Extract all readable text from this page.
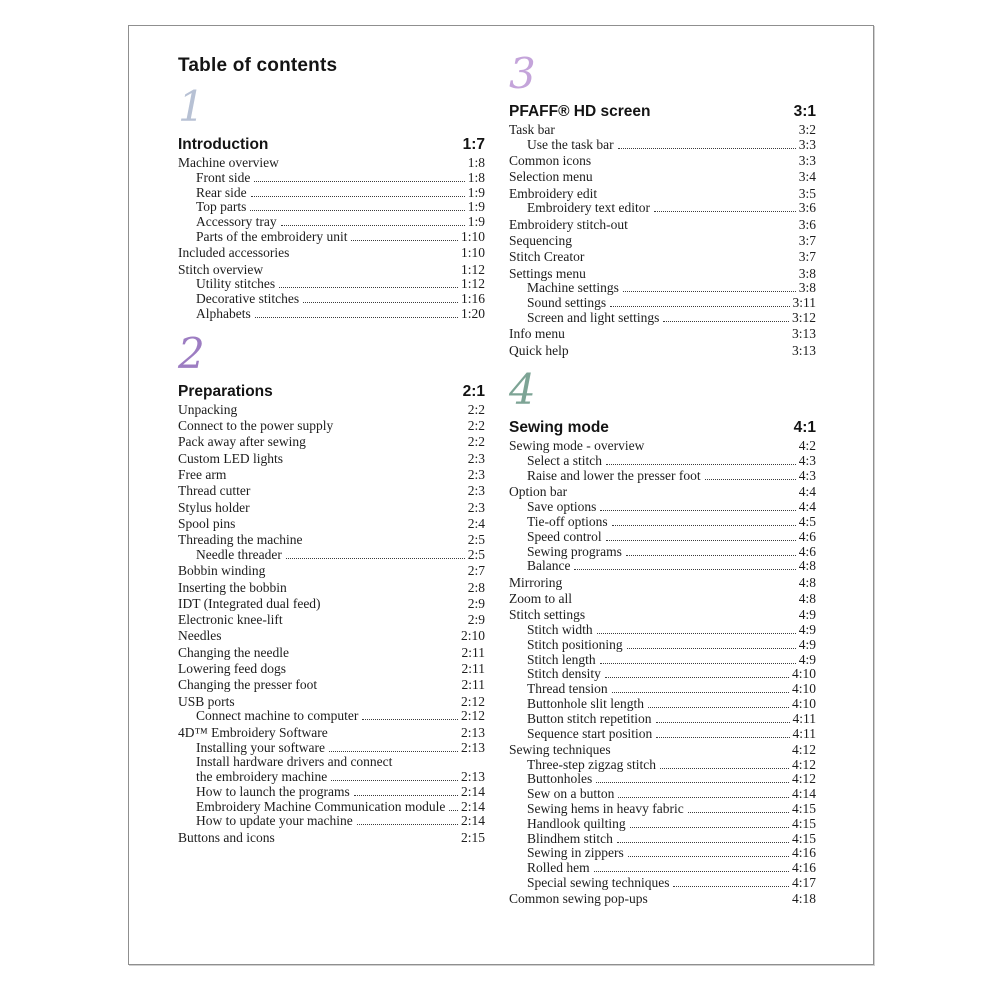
Table of contents
1
Introduction	1:7
Machine overview	1:8
Front side	1:8
Rear side	1:9
Top parts	1:9
Accessory tray	1:9
Parts of the embroidery unit	1:10
Included accessories	1:10
Stitch overview	1:12
Utility stitches	1:12
Decorative stitches	1:16
Alphabets	1:20
2
Preparations	2:1
Unpacking	2:2
Connect to the power supply	2:2
Pack away after sewing	2:2
Custom LED lights	2:3
Free arm	2:3
Thread cutter	2:3
Stylus holder	2:3
Spool pins	2:4
Threading the machine	2:5
Needle threader	2:5
Bobbin winding	2:7
Inserting the bobbin	2:8
IDT (Integrated dual feed)	2:9
Electronic knee-lift	2:9
Needles	2:10
Changing the needle	2:11
Lowering feed dogs	2:11
Changing the presser foot	2:11
USB ports	2:12
Connect machine to computer	2:12
4D™ Embroidery Software	2:13
Installing your software	2:13
Install hardware drivers and connect
the embroidery machine	2:13
How to launch the programs	2:14
Embroidery Machine Communication module 2:14
How to update your machine	2:14
Buttons and icons	2:15
3
PFAFF® HD screen	3:1
Task bar	3:2
Use the task bar	3:3
Common icons	3:3
Selection menu	3:4
Embroidery edit	3:5
Embroidery text editor	3:6
Embroidery stitch-out	3:6
Sequencing	3:7
Stitch Creator	3:7
Settings menu	3:8
Machine settings	3:8
Sound settings	3:11
Screen and light settings	3:12
Info menu	3:13
Quick help	3:13
4
Sewing mode	4:1
Sewing mode - overview	4:2
Select a stitch	4:3
Raise and lower the presser foot	4:3
Option bar	4:4
Save options	4:4
Tie-off options	4:5
Speed control	4:6
Sewing programs	4:6
Balance	4:8
Mirroring	4:8
Zoom to all	4:8
Stitch settings	4:9
Stitch width	4:9
Stitch positioning	4:9
Stitch length	4:9
Stitch density	4:10
Thread tension	4:10
Buttonhole slit length	4:10
Button stitch repetition	4:11
Sequence start position	4:11
Sewing techniques	4:12
Three-step zigzag stitch	4:12
Buttonholes	4:12
Sew on a button	4:14
Sewing hems in heavy fabric	4:15
Handlook quilting	4:15
Blindhem stitch	4:15
Sewing in zippers	4:16
Rolled hem	4:16
Special sewing techniques	4:17
Common sewing pop-ups	4:18
